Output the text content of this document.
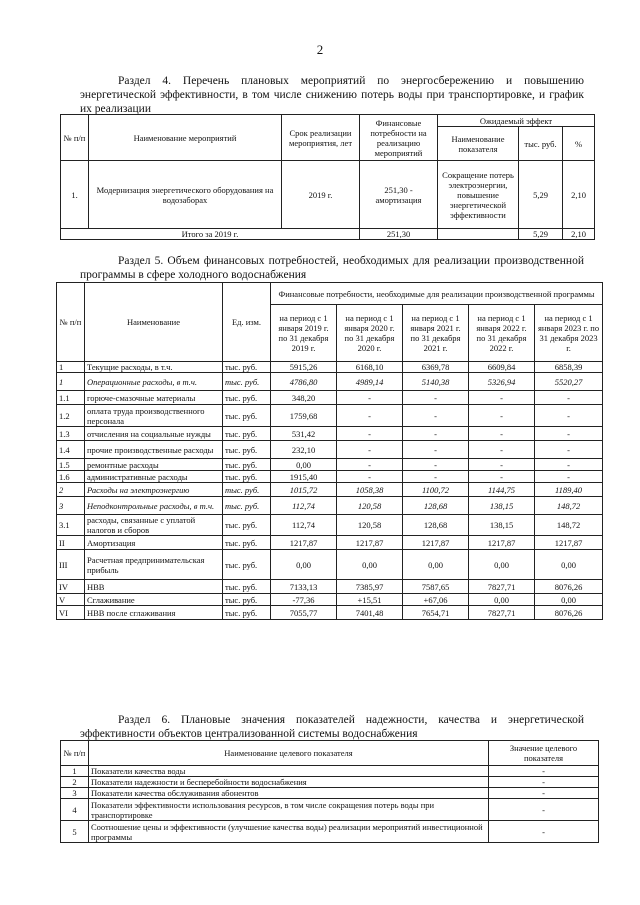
2
Раздел 4. Перечень плановых мероприятий по энергосбережению и повышению энергетической эффективности, в том числе снижению потерь воды при транспортировке, и график их реализации
№ п/п	Наименование мероприятий	Срок реализации мероприятия, лет	Финансовые потребности на реализацию мероприятий	Ожидаемый эффект		
				Наименование показателя	тыс. руб.	%
1.	Модернизация энергетического оборудования на водозаборах	2019 г.	251,30 - амортизация	Сокращение потерь электроэнергии, повышение энергетической эффективности	5,29	2,10
Итого за 2019 г.			251,30		5,29	2,10
Раздел 5. Объем финансовых потребностей, необходимых для реализации производственной программы в сфере холодного водоснабжения
№ п/п	Наименование	Ед. изм.	Финансовые потребности, необходимые для реализации производственной программы				
			на период с 1 января 2019 г. по 31 декабря 2019 г.	на период с 1 января 2020 г. по 31 декабря 2020 г.	на период с 1 января 2021 г. по 31 декабря 2021 г.	на период с 1 января 2022 г. по 31 декабря 2022 г.	на период с 1 января 2023 г. по 31 декабря 2023 г.
1	Текущие расходы, в т.ч.	тыс. руб.	5915,26	6168,10	6369,78	6609,84	6858,39
1	Операционные расходы, в т.ч.	тыс. руб.	4786,80	4989,14	5140,38	5326,94	5520,27
1.1	горюче-смазочные материалы	тыс. руб.	348,20	-	-	-	-
1.2	оплата труда производственного персонала	тыс. руб.	1759,68	-	-	-	-
1.3	отчисления на социальные нужды	тыс. руб.	531,42	-	-	-	-
1.4	прочие производственные расходы	тыс. руб.	232,10	-	-	-	-
1.5	ремонтные расходы	тыс. руб.	0,00	-	-	-	-
1.6	административные расходы	тыс. руб.	1915,40	-	-	-	-
2	Расходы на электроэнергию	тыс. руб.	1015,72	1058,38	1100,72	1144,75	1189,40
3	Неподконтрольные расходы, в т.ч.	тыс. руб.	112,74	120,58	128,68	138,15	148,72
3.1	расходы, связанные с уплатой налогов и сборов	тыс. руб.	112,74	120,58	128,68	138,15	148,72
II	Амортизация	тыс. руб.	1217,87	1217,87	1217,87	1217,87	1217,87
III	Расчетная предпринимательская прибыль	тыс. руб.	0,00	0,00	0,00	0,00	0,00
IV	НВВ	тыс. руб.	7133,13	7385,97	7587,65	7827,71	8076,26
V	Сглаживание	тыс. руб.	-77,36	+15,51	+67,06	0,00	0,00
VI	НВВ после сглаживания	тыс. руб.	7055,77	7401,48	7654,71	7827,71	8076,26
Раздел 6. Плановые значения показателей надежности, качества и энергетической эффективности объектов централизованной системы водоснабжения
№ п/п	Наименование целевого показателя	Значение целевого показателя
1	Показатели качества воды	-
2	Показатели надежности и бесперебойности водоснабжения	-
3	Показатели качества обслуживания абонентов	-
4	Показатели эффективности использования ресурсов, в том числе сокращения потерь воды при транспортировке	-
5	Соотношение цены и эффективности (улучшение качества воды) реализации мероприятий инвестиционной программы	-
